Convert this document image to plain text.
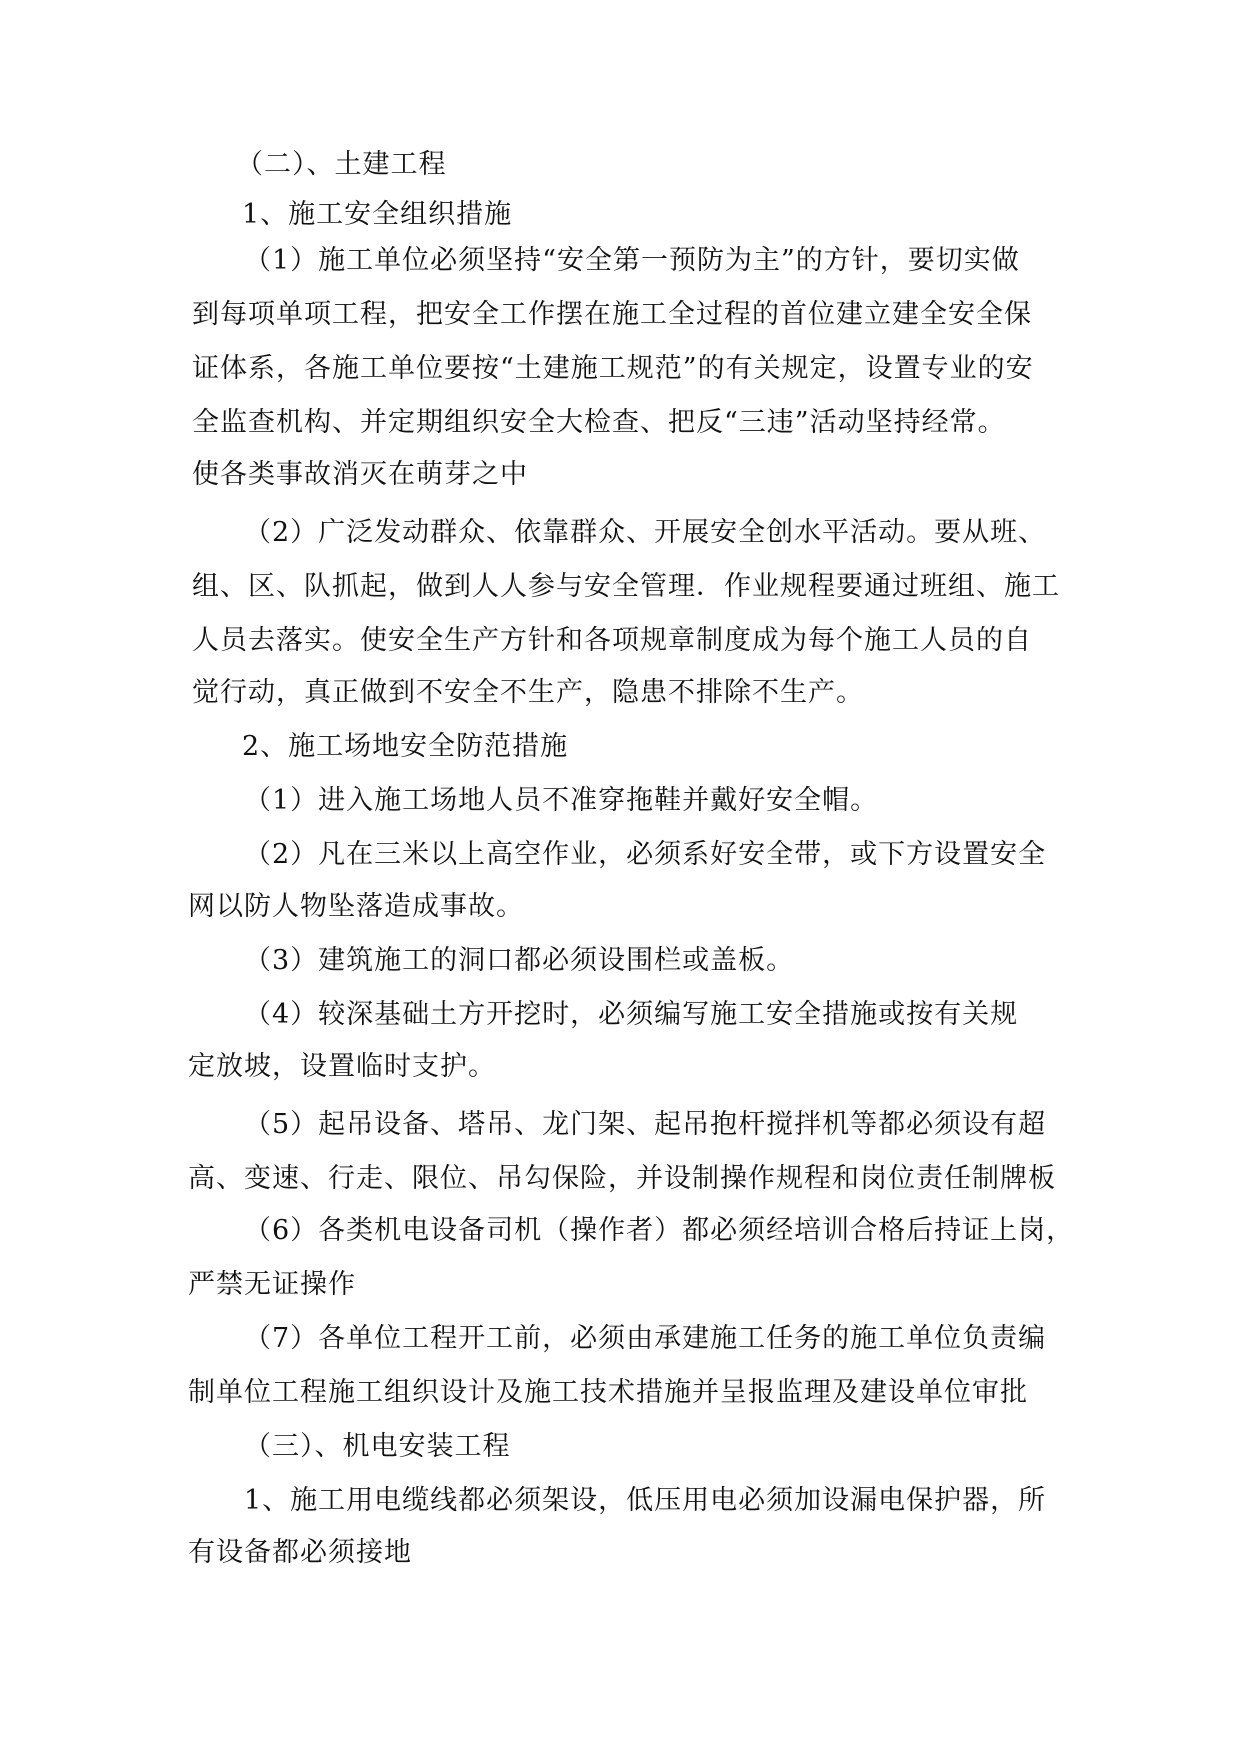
（二）、土建工程
1、施工安全组织措施
（1）施工单位必须坚持“安全第一预防为主”的方针，要切实做
到每项单项工程，把安全工作摆在施工全过程的首位建立建全安全保
证体系，各施工单位要按“土建施工规范”的有关规定，设置专业的安
全监查机构、并定期组织安全大检查、把反“三违”活动坚持经常。
使各类事故消灭在萌芽之中
（2）广泛发动群众、依靠群众、开展安全创水平活动。要从班、
组、区、队抓起，做到人人参与安全管理．作业规程要通过班组、施工
人员去落实。使安全生产方针和各项规章制度成为每个施工人员的自
觉行动，真正做到不安全不生产，隐患不排除不生产。
2、施工场地安全防范措施
（1）进入施工场地人员不准穿拖鞋并戴好安全帽。
（2）凡在三米以上高空作业，必须系好安全带，或下方设置安全
网以防人物坠落造成事故。
（3）建筑施工的洞口都必须设围栏或盖板。
（4）较深基础土方开挖时，必须编写施工安全措施或按有关规
定放坡，设置临时支护。
（5）起吊设备、塔吊、龙门架、起吊抱杆搅拌机等都必须设有超
高、变速、行走、限位、吊勾保险，并设制操作规程和岗位责任制牌板
（6）各类机电设备司机（操作者）都必须经培训合格后持证上岗，
严禁无证操作
（7）各单位工程开工前，必须由承建施工任务的施工单位负责编
制单位工程施工组织设计及施工技术措施并呈报监理及建设单位审批
（三）、机电安装工程
1、施工用电缆线都必须架设，低压用电必须加设漏电保护器，所
有设备都必须接地
